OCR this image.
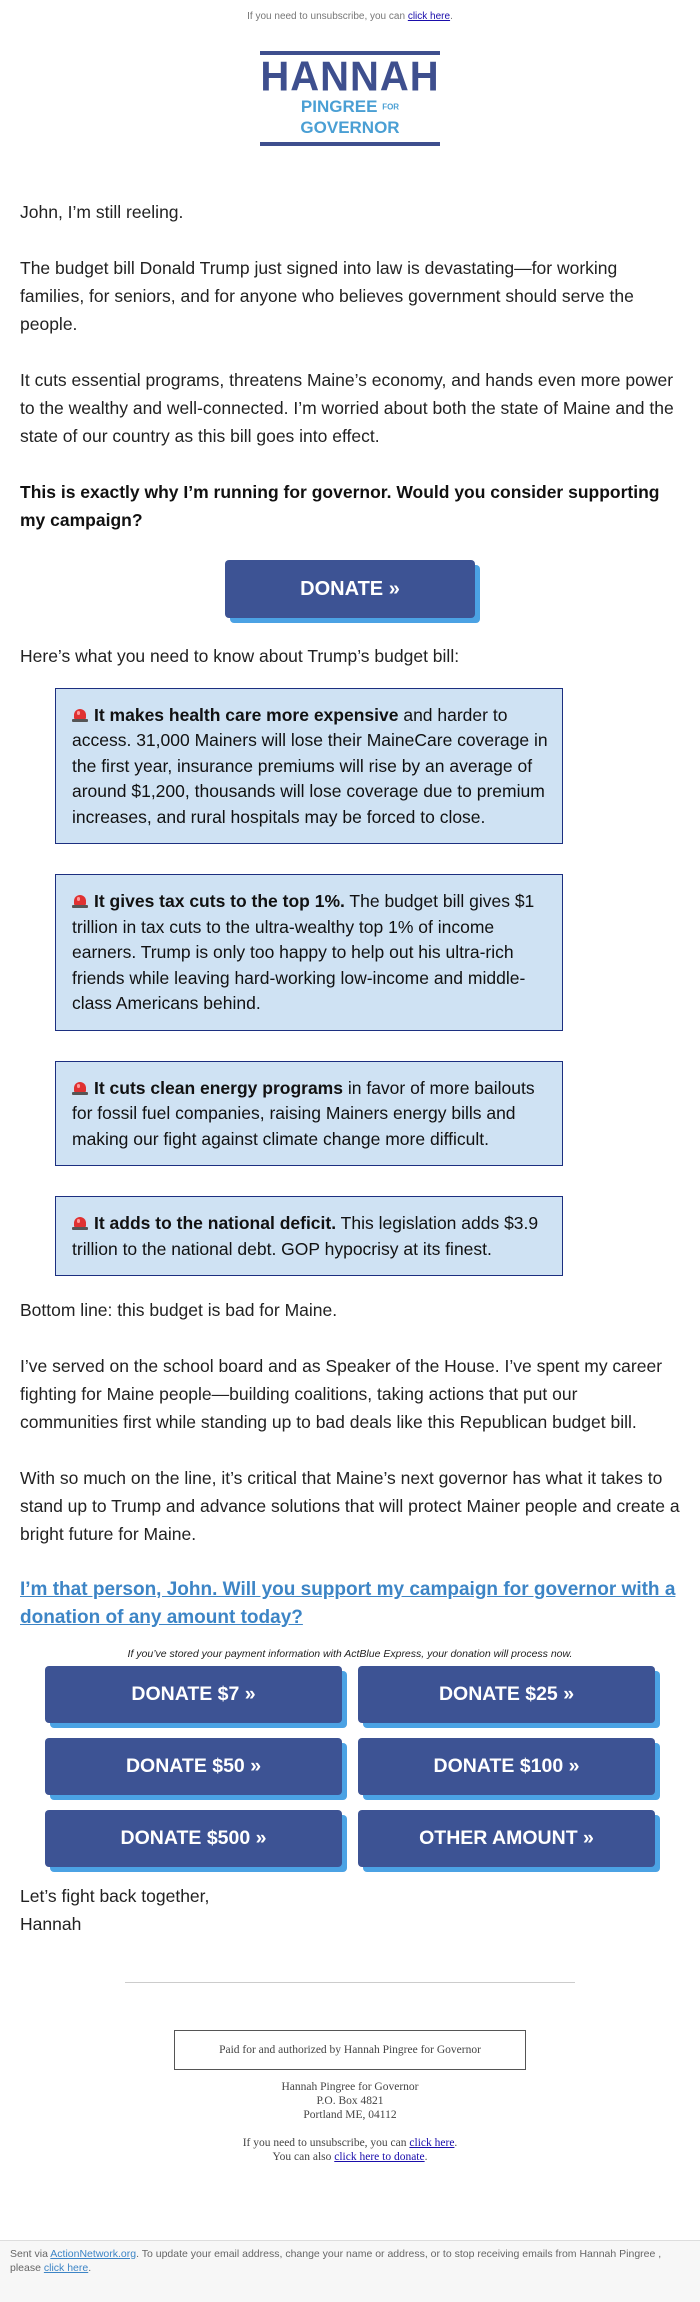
If you need to unsubscribe, you can click here.
HANNAH
PINGREE FOR GOVERNOR

John, I’m still reeling.

The budget bill Donald Trump just signed into law is devastating—for working families, for seniors, and for anyone who believes government should serve the people.

It cuts essential programs, threatens Maine’s economy, and hands even more power to the wealthy and well-connected. I’m worried about both the state of Maine and the state of our country as this bill goes into effect.

This is exactly why I’m running for governor. Would you consider supporting my campaign?

DONATE »

Here’s what you need to know about Trump’s budget bill:

It makes health care more expensive and harder to access. 31,000 Mainers will lose their MaineCare coverage in the first year, insurance premiums will rise by an average of around $1,200, thousands will lose coverage due to premium increases, and rural hospitals may be forced to close.
It gives tax cuts to the top 1%. The budget bill gives $1 trillion in tax cuts to the ultra-wealthy top 1% of income earners. Trump is only too happy to help out his ultra-rich friends while leaving hard-working low-income and middle-class Americans behind.
It cuts clean energy programs in favor of more bailouts for fossil fuel companies, raising Mainers energy bills and making our fight against climate change more difficult.
It adds to the national deficit. This legislation adds $3.9 trillion to the national debt. GOP hypocrisy at its finest.

Bottom line: this budget is bad for Maine.

I’ve served on the school board and as Speaker of the House. I’ve spent my career fighting for Maine people—building coalitions, taking actions that put our communities first while standing up to bad deals like this Republican budget bill.

With so much on the line, it’s critical that Maine’s next governor has what it takes to stand up to Trump and advance solutions that will protect Mainer people and create a bright future for Maine.

I’m that person, John. Will you support my campaign for governor with a donation of any amount today?

If you’ve stored your payment information with ActBlue Express, your donation will process now.
DONATE $7 »	DONATE $25 »
DONATE $50 »	DONATE $100 »
DONATE $500 »	OTHER AMOUNT »

Let’s fight back together,

Hannah

Paid for and authorized by Hannah Pingree for Governor
Hannah Pingree for Governor
P.O. Box 4821
Portland ME, 04112
If you need to unsubscribe, you can click here.
You can also click here to donate.
Sent via ActionNetwork.org. To update your email address, change your name or address, or to stop receiving emails from Hannah Pingree , please click here.
